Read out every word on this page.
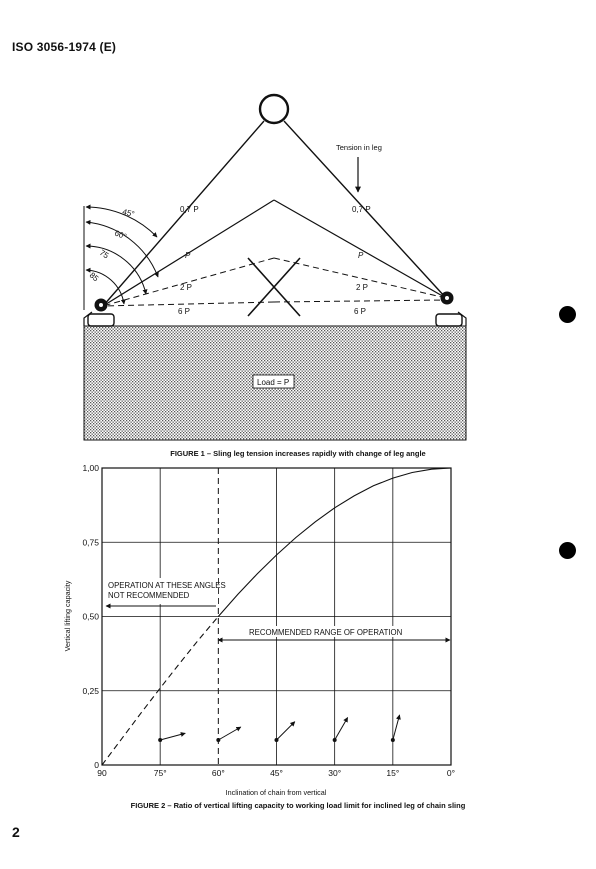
ISO 3056-1974 (E)
45°
60°
75
85
0,7 P
P
2 P
6 P
0,7 P
P
2 P
6 P
Tension in leg
Load = P
90	75°	60°	45°	30°	15°	0°
0
0,25
0,50
0,75
1,00
OPERATION AT THESE ANGLES
NOT RECOMMENDED
RECOMMENDED RANGE OF OPERATION
Inclination of chain from vertical
Vertical lifting capacity
FIGURE 1 – Sling leg tension increases rapidly with change of leg angle
FIGURE 2 – Ratio of vertical lifting capacity to working load limit for inclined leg of chain sling
2
